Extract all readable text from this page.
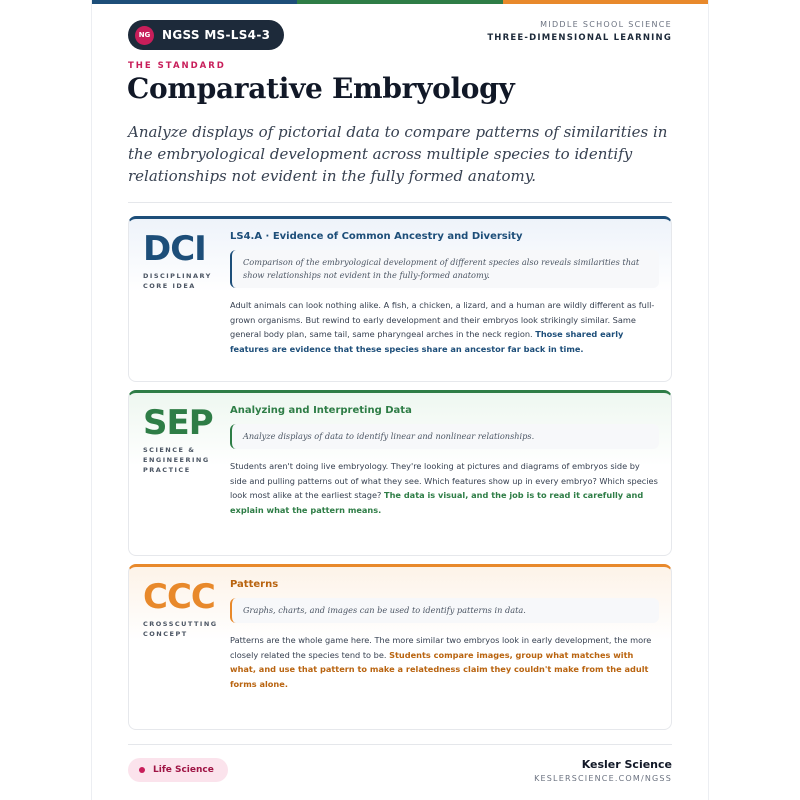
NG NGSS MS-LS4-3
MIDDLE SCHOOL SCIENCE
THREE-DIMENSIONAL LEARNING
THE STANDARD
Comparative Embryology
Analyze displays of pictorial data to compare patterns of similarities in the embryological development across multiple species to identify relationships not evident in the fully formed anatomy.
DCI
DISCIPLINARY CORE IDEA
LS4.A · Evidence of Common Ancestry and Diversity
Comparison of the embryological development of different species also reveals similarities that show relationships not evident in the fully-formed anatomy.
Adult animals can look nothing alike. A fish, a chicken, a lizard, and a human are wildly different as full-grown organisms. But rewind to early development and their embryos look strikingly similar. Same general body plan, same tail, same pharyngeal arches in the neck region. Those shared early features are evidence that these species share an ancestor far back in time.
SEP
SCIENCE & ENGINEERING PRACTICE
Analyzing and Interpreting Data
Analyze displays of data to identify linear and nonlinear relationships.
Students aren't doing live embryology. They're looking at pictures and diagrams of embryos side by side and pulling patterns out of what they see. Which features show up in every embryo? Which species look most alike at the earliest stage? The data is visual, and the job is to read it carefully and explain what the pattern means.
CCC
CROSSCUTTING CONCEPT
Patterns
Graphs, charts, and images can be used to identify patterns in data.
Patterns are the whole game here. The more similar two embryos look in early development, the more closely related the species tend to be. Students compare images, group what matches with what, and use that pattern to make a relatedness claim they couldn't make from the adult forms alone.
Life Science	Kesler Science
KESLERSCIENCE.COM/NGSS
